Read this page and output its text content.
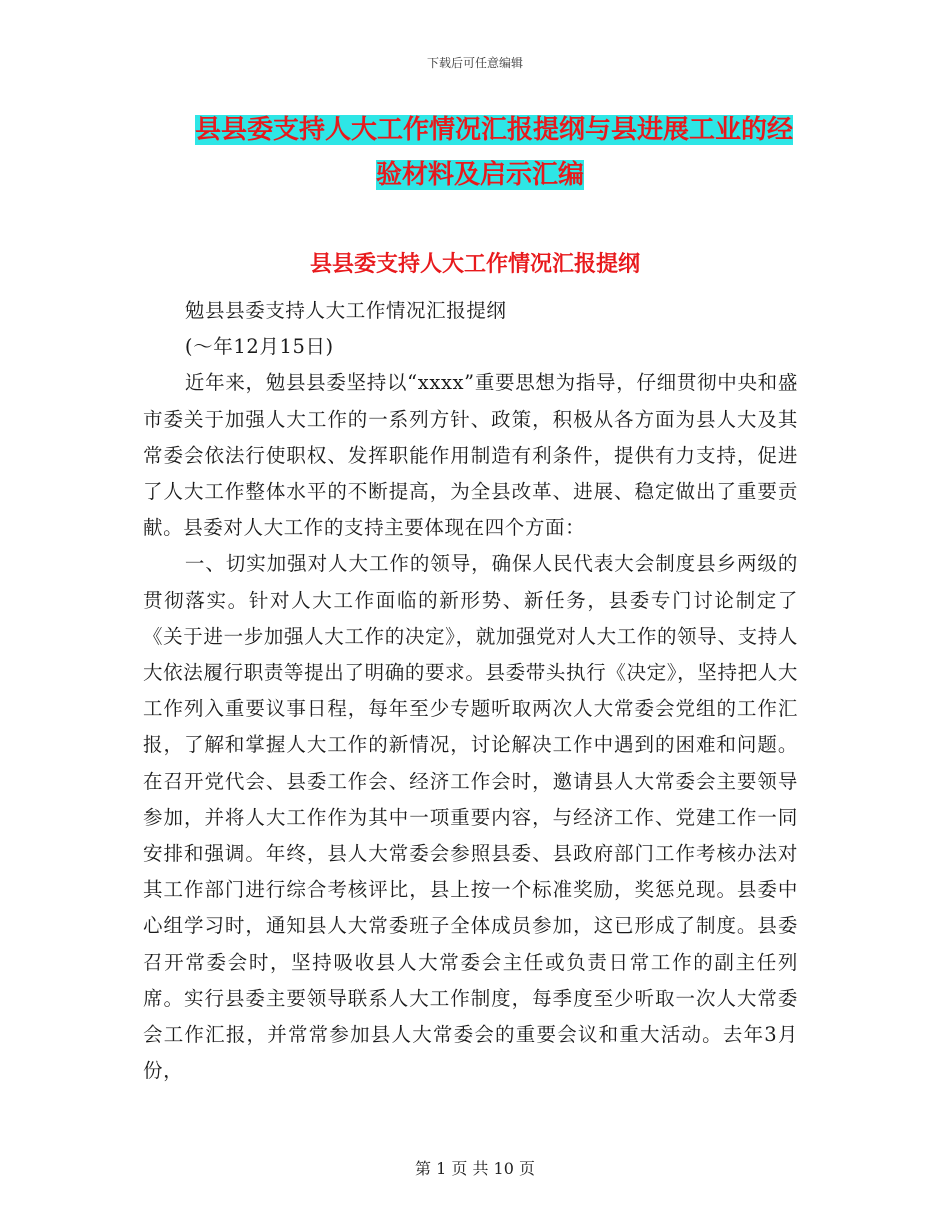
下载后可任意编辑
县县委支持人大工作情况汇报提纲与县进展工业的经
验材料及启示汇编
县县委支持人大工作情况汇报提纲

勉县县委支持人大工作情况汇报提纲

(～年12月15日)

近年来，勉县县委坚持以“xxxx”重要思想为指导，仔细贯彻中央和盛市委关于加强人大工作的一系列方针、政策，积极从各方面为县人大及其常委会依法行使职权、发挥职能作用制造有利条件，提供有力支持，促进了人大工作整体水平的不断提高，为全县改革、进展、稳定做出了重要贡献。县委对人大工作的支持主要体现在四个方面：

一、切实加强对人大工作的领导，确保人民代表大会制度县乡两级的贯彻落实。针对人大工作面临的新形势、新任务，县委专门讨论制定了《关于进一步加强人大工作的决定》，就加强党对人大工作的领导、支持人大依法履行职责等提出了明确的要求。县委带头执行《决定》，坚持把人大工作列入重要议事日程，每年至少专题听取两次人大常委会党组的工作汇报，了解和掌握人大工作的新情况，讨论解决工作中遇到的困难和问题。在召开党代会、县委工作会、经济工作会时，邀请县人大常委会主要领导参加，并将人大工作作为其中一项重要内容，与经济工作、党建工作一同安排和强调。年终，县人大常委会参照县委、县政府部门工作考核办法对其工作部门进行综合考核评比，县上按一个标准奖励，奖惩兑现。县委中心组学习时，通知县人大常委班子全体成员参加，这已形成了制度。县委召开常委会时，坚持吸收县人大常委会主任或负责日常工作的副主任列席。实行县委主要领导联系人大工作制度，每季度至少听取一次人大常委会工作汇报，并常常参加县人大常委会的重要会议和重大活动。去年3月份，

第 1 页 共 10 页
